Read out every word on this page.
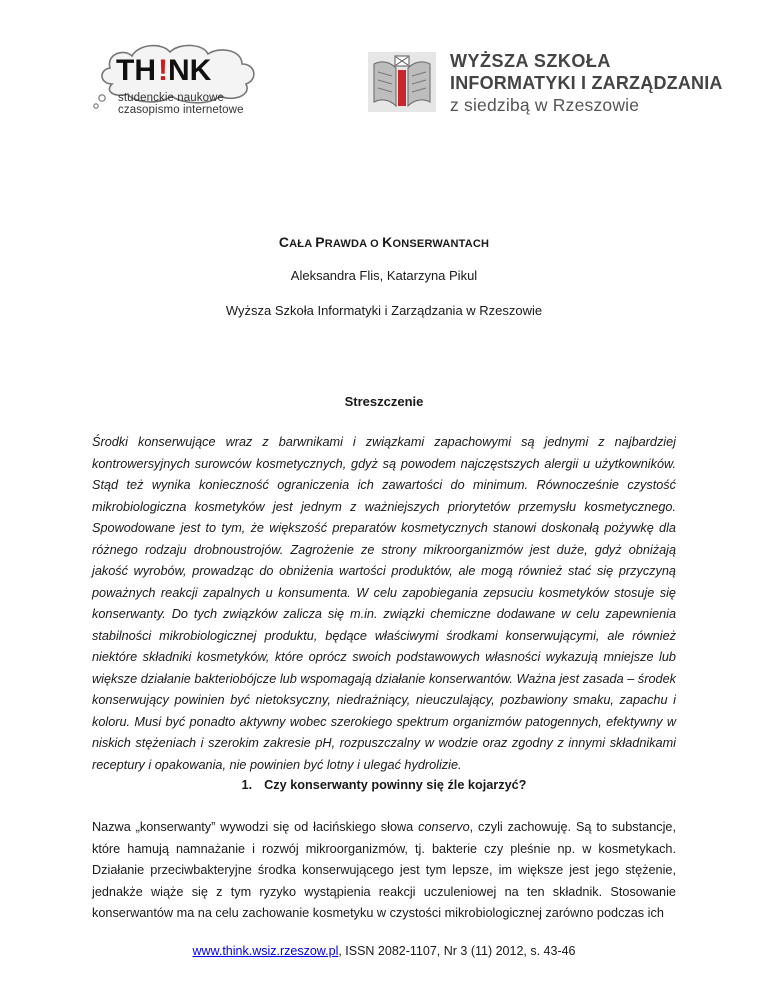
TH ! NK
studenckie naukowe
czasopismo internetowe
WYŻSZA SZKOŁA
INFORMATYKI I ZARZĄDZANIA
z siedzibą w Rzeszowie
CAŁA PRAWDA O KONSERWANTACH
Aleksandra Flis, Katarzyna Pikul
Wyższa Szkoła Informatyki i Zarządzania w Rzeszowie
Streszczenie

Środki konserwujące wraz z barwnikami i związkami zapachowymi są jednymi z najbardziej kontrowersyjnych surowców kosmetycznych, gdyż są powodem najczęstszych alergii u użytkowników. Stąd też wynika konieczność ograniczenia ich zawartości do minimum. Równocześnie czystość mikrobiologiczna kosmetyków jest jednym z ważniejszych priorytetów przemysłu kosmetycznego. Spowodowane jest to tym, że większość preparatów kosmetycznych stanowi doskonałą pożywkę dla różnego rodzaju drobnoustrojów. Zagrożenie ze strony mikroorganizmów jest duże, gdyż obniżają jakość wyrobów, prowadząc do obniżenia wartości produktów, ale mogą również stać się przyczyną poważnych reakcji zapalnych u konsumenta. W celu zapobiegania zepsuciu kosmetyków stosuje się konserwanty. Do tych związków zalicza się m.in. związki chemiczne dodawane w celu zapewnienia stabilności mikrobiologicznej produktu, będące właściwymi środkami konserwującymi, ale również niektóre składniki kosmetyków, które oprócz swoich podstawowych własności wykazują mniejsze lub większe działanie bakteriobójcze lub wspomagają działanie konserwantów. Ważna jest zasada – środek konserwujący powinien być nietoksyczny, niedrażniący, nieuczulający, pozbawiony smaku, zapachu i koloru. Musi być ponadto aktywny wobec szerokiego spektrum organizmów patogennych, efektywny w niskich stężeniach i szerokim zakresie pH, rozpuszczalny w wodzie oraz zgodny z innymi składnikami receptury i opakowania, nie powinien być lotny i ulegać hydrolizie.

1. Czy konserwanty powinny się źle kojarzyć?

Nazwa „konserwanty” wywodzi się od łacińskiego słowa conservo, czyli zachowuję. Są to substancje, które hamują namnażanie i rozwój mikroorganizmów, tj. bakterie czy pleśnie np. w kosmetykach. Działanie przeciwbakteryjne środka konserwującego jest tym lepsze, im większe jest jego stężenie, jednakże wiąże się z tym ryzyko wystąpienia reakcji uczuleniowej na ten składnik. Stosowanie konserwantów ma na celu zachowanie kosmetyku w czystości mikrobiologicznej zarówno podczas ich

www.think.wsiz.rzeszow.pl, ISSN 2082-1107, Nr 3 (11) 2012, s. 43-46
